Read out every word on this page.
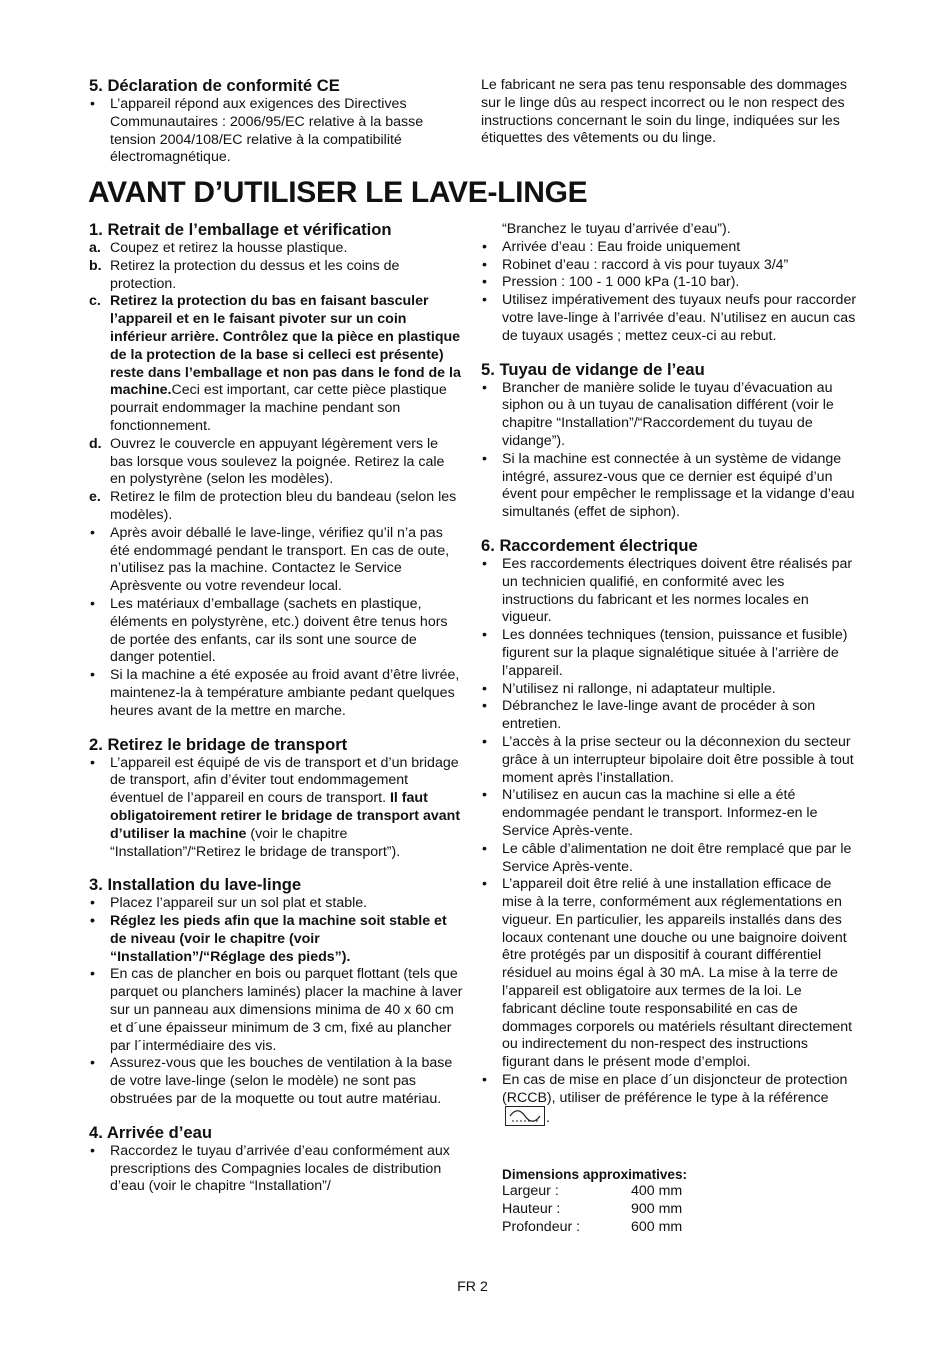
5. Déclaration de conformité CE
• L’appareil répond aux exigences des Directives Communautaires : 2006/95/EC relative à la basse tension 2004/108/EC relative à la compatibilité électromagnétique.

Le fabricant ne sera pas tenu responsable des dommages sur le linge dûs au respect incorrect ou le non respect des instructions concernant le soin du linge, indiquées sur les étiquettes des vêtements ou du linge.

AVANT D’UTILISER LE LAVE-LINGE
1. Retrait de l’emballage et vérification
a. Coupez et retirez la housse plastique.
b. Retirez la protection du dessus et les coins de protection.
c. Retirez la protection du bas en faisant basculer l’appareil et en le faisant pivoter sur un coin inférieur arrière. Contrôlez que la pièce en plastique de la protection de la base si celleci est présente) reste dans l’emballage et non pas dans le fond de la machine.Ceci est important, car cette pièce plastique pourrait endommager la machine pendant son fonctionnement.
d. Ouvrez le couvercle en appuyant légèrement vers le bas lorsque vous soulevez la poignée. Retirez la cale en polystyrène (selon les modèles).
e. Retirez le film de protection bleu du bandeau (selon les modèles).
• Après avoir déballé le lave-linge, vérifiez qu’il n’a pas été endommagé pendant le transport. En cas de oute, n’utilisez pas la machine. Contactez le Service Aprèsvente ou votre revendeur local.
• Les matériaux d’emballage (sachets en plastique, éléments en polystyrène, etc.) doivent être tenus hors de portée des enfants, car ils sont une source de danger potentiel.
• Si la machine a été exposée au froid avant d’être livrée, maintenez-la à température ambiante pedant quelques heures avant de la mettre en marche.
2. Retirez le bridage de transport
• L’appareil est équipé de vis de transport et d’un bridage de transport, afin d’éviter tout endommagement éventuel de l’appareil en cours de transport. Il faut obligatoirement retirer le bridage de transport avant d’utiliser la machine (voir le chapitre “Installation”/“Retirez le bridage de transport”).
3. Installation du lave-linge
• Placez l’appareil sur un sol plat et stable.
• Réglez les pieds afin que la machine soit stable et de niveau (voir le chapitre (voir “Installation”/“Réglage des pieds”).
• En cas de plancher en bois ou parquet flottant (tels que parquet ou planchers laminés) placer la machine à laver sur un panneau aux dimensions minima de 40 x 60 cm et d´une épaisseur minimum de 3 cm, fixé au plancher par l´intermédiaire des vis.
• Assurez-vous que les bouches de ventilation à la base de votre lave-linge (selon le modèle) ne sont pas obstruées par de la moquette ou tout autre matériau.
4. Arrivée d’eau
• Raccordez le tuyau d’arrivée d’eau conformément aux prescriptions des Compagnies locales de distribution d’eau (voir le chapitre “Installation”/
“Branchez le tuyau d’arrivée d’eau”).
• Arrivée d’eau : Eau froide uniquement
• Robinet d’eau : raccord à vis pour tuyaux 3/4”
• Pression : 100 - 1 000 kPa (1-10 bar).
• Utilisez impérativement des tuyaux neufs pour raccorder votre lave-linge à l’arrivée d’eau. N’utilisez en aucun cas de tuyaux usagés ; mettez ceux-ci au rebut.
5. Tuyau de vidange de l’eau
• Brancher de manière solide le tuyau d’évacuation au siphon ou à un tuyau de canalisation différent (voir le chapitre “Installation”/“Raccordement du tuyau de vidange”).
• Si la machine est connectée à un système de vidange intégré, assurez-vous que ce dernier est équipé d’un évent pour empêcher le remplissage et la vidange d’eau simultanés (effet de siphon).
6. Raccordement électrique
• Ees raccordements électriques doivent être réalisés par un technicien qualifié, en conformité avec les instructions du fabricant et les normes locales en vigueur.
• Les données techniques (tension, puissance et fusible) figurent sur la plaque signalétique située à l’arrière de l’appareil.
• N’utilisez ni rallonge, ni adaptateur multiple.
• Débranchez le lave-linge avant de procéder à son entretien.
• L’accès à la prise secteur ou la déconnexion du secteur grâce à un interrupteur bipolaire doit être possible à tout moment après l’installation.
• N’utilisez en aucun cas la machine si elle a été endommagée pendant le transport. Informez-en le Service Après-vente.
• Le câble d’alimentation ne doit être remplacé que par le Service Après-vente.
• L’appareil doit être relié à une installation efficace de mise à la terre, conformément aux réglementations en vigueur. En particulier, les appareils installés dans des locaux contenant une douche ou une baignoire doivent être protégés par un dispositif à courant différentiel résiduel au moins égal à 30 mA. La mise à la terre de l’appareil est obligatoire aux termes de la loi. Le fabricant décline toute responsabilité en cas de dommages corporels ou matériels résultant directement ou indirectement du non-respect des instructions figurant dans le présent mode d’emploi.
• En cas de mise en place d´un disjoncteur de protection (RCCB), utiliser de préférence le type à la référence
.
Dimensions approximatives:
Largeur :	400 mm
Hauteur :	900 mm
Profondeur :	600 mm
FR 2
